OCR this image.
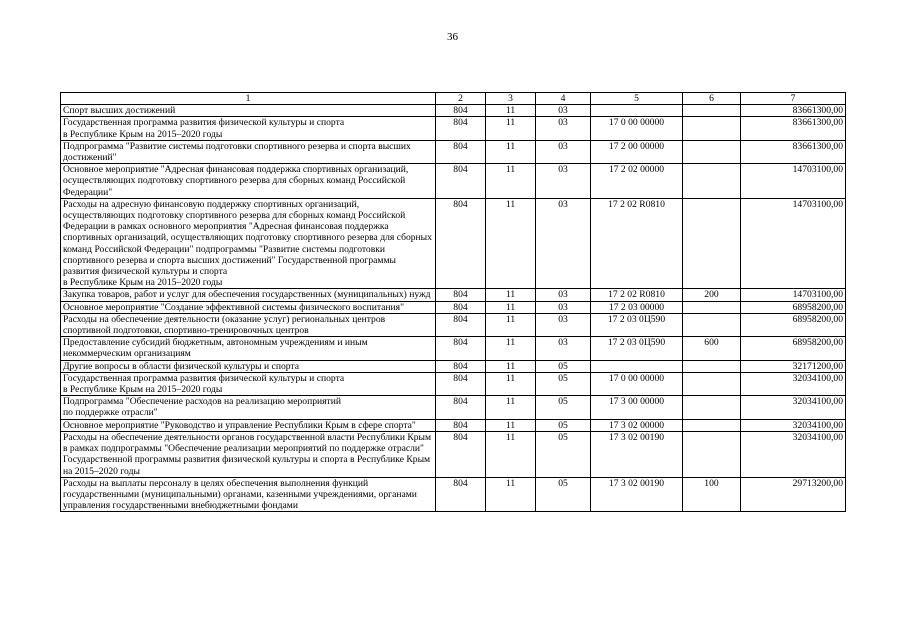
36
1	2	3	4	5	6	7
Спорт высших достижений	804	11	03			83661300,00
Государственная программа развития физической культуры и спорта
в Республике Крым на 2015–2020 годы	804	11	03	17 0 00 00000		83661300,00
Подпрограмма "Развитие системы подготовки спортивного резерва и спорта высших достижений"	804	11	03	17 2 00 00000		83661300,00
Основное мероприятие "Адресная финансовая поддержка спортивных организаций, осуществляющих подготовку спортивного резерва для сборных команд Российской Федерации"	804	11	03	17 2 02 00000		14703100,00
Расходы на адресную финансовую поддержку спортивных организаций, осуществляющих подготовку спортивного резерва для сборных команд Российской Федерации в рамках основного мероприятия "Адресная финансовая поддержка спортивных организаций, осуществляющих подготовку спортивного резерва для сборных команд Российской Федерации" подпрограммы "Развитие системы подготовки спортивного резерва и спорта высших достижений" Государственной программы развития физической культуры и спорта
в Республике Крым на 2015–2020 годы	804	11	03	17 2 02 R0810		14703100,00
Закупка товаров, работ и услуг для обеспечения государственных (муниципальных) нужд	804	11	03	17 2 02 R0810	200	14703100,00
Основное мероприятие "Создание эффективной системы физического воспитания"	804	11	03	17 2 03 00000		68958200,00
Расходы на обеспечение деятельности (оказание услуг) региональных центров спортивной подготовки, спортивно-тренировочных центров	804	11	03	17 2 03 0Ц590		68958200,00
Предоставление субсидий бюджетным, автономным учреждениям и иным некоммерческим организациям	804	11	03	17 2 03 0Ц590	600	68958200,00
Другие вопросы в области физической культуры и спорта	804	11	05			32171200,00
Государственная программа развития физической культуры и спорта
в Республике Крым на 2015–2020 годы	804	11	05	17 0 00 00000		32034100,00
Подпрограмма "Обеспечение расходов на реализацию мероприятий
по поддержке отрасли"	804	11	05	17 3 00 00000		32034100,00
Основное мероприятие "Руководство и управление Республики Крым в сфере спорта"	804	11	05	17 3 02 00000		32034100,00
Расходы на обеспечение деятельности органов государственной власти Республики Крым в рамках подпрограммы "Обеспечение реализации мероприятий по поддержке отрасли" Государственной программы развития физической культуры и спорта в Республике Крым на 2015–2020 годы	804	11	05	17 3 02 00190		32034100,00
Расходы на выплаты персоналу в целях обеспечения выполнения функций государственными (муниципальными) органами, казенными учреждениями, органами управления государственными внебюджетными фондами	804	11	05	17 3 02 00190	100	29713200,00
